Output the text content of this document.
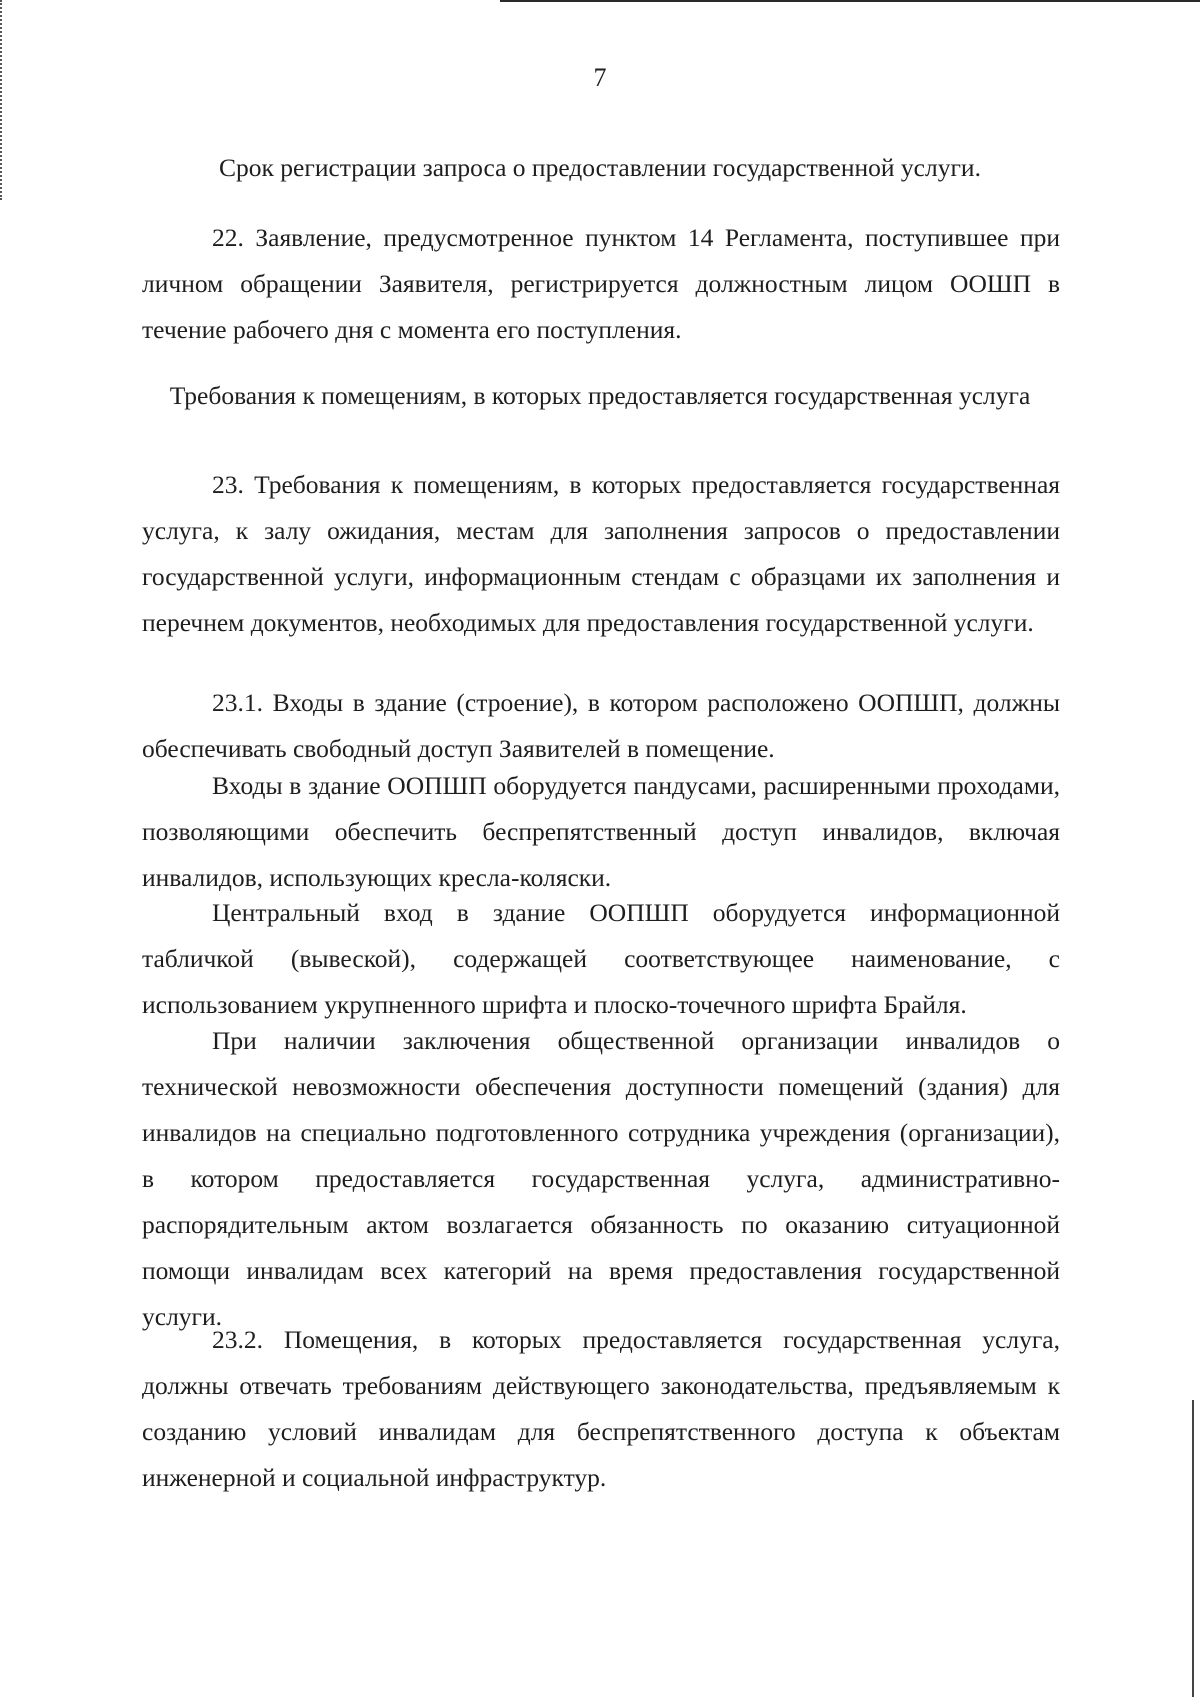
7
Срок регистрации запроса о предоставлении государственной услуги.
22. Заявление, предусмотренное пунктом 14 Регламента, поступившее при личном обращении Заявителя, регистрируется должностным лицом ООШП в течение рабочего дня с момента его поступления.
Требования к помещениям, в которых предоставляется государственная услуга
23. Требования к помещениям, в которых предоставляется государственная услуга, к залу ожидания, местам для заполнения запросов о предоставлении государственной услуги, информационным стендам с образцами их заполнения и перечнем документов, необходимых для предоставления государственной услуги.
23.1. Входы в здание (строение), в котором расположено ООПШП, должны обеспечивать свободный доступ Заявителей в помещение.
Входы в здание ООПШП оборудуется пандусами, расширенными проходами, позволяющими обеспечить беспрепятственный доступ инвалидов, включая инвалидов, использующих кресла-коляски.
Центральный вход в здание ООПШП оборудуется информационной табличкой (вывеской), содержащей соответствующее наименование, с использованием укрупненного шрифта и плоско-точечного шрифта Брайля.
При наличии заключения общественной организации инвалидов о технической невозможности обеспечения доступности помещений (здания) для инвалидов на специально подготовленного сотрудника учреждения (организации), в котором предоставляется государственная услуга, административно-распорядительным актом возлагается обязанность по оказанию ситуационной помощи инвалидам всех категорий на время предоставления государственной услуги.
23.2. Помещения, в которых предоставляется государственная услуга, должны отвечать требованиям действующего законодательства, предъявляемым к созданию условий инвалидам для беспрепятственного доступа к объектам инженерной и социальной инфраструктур.
